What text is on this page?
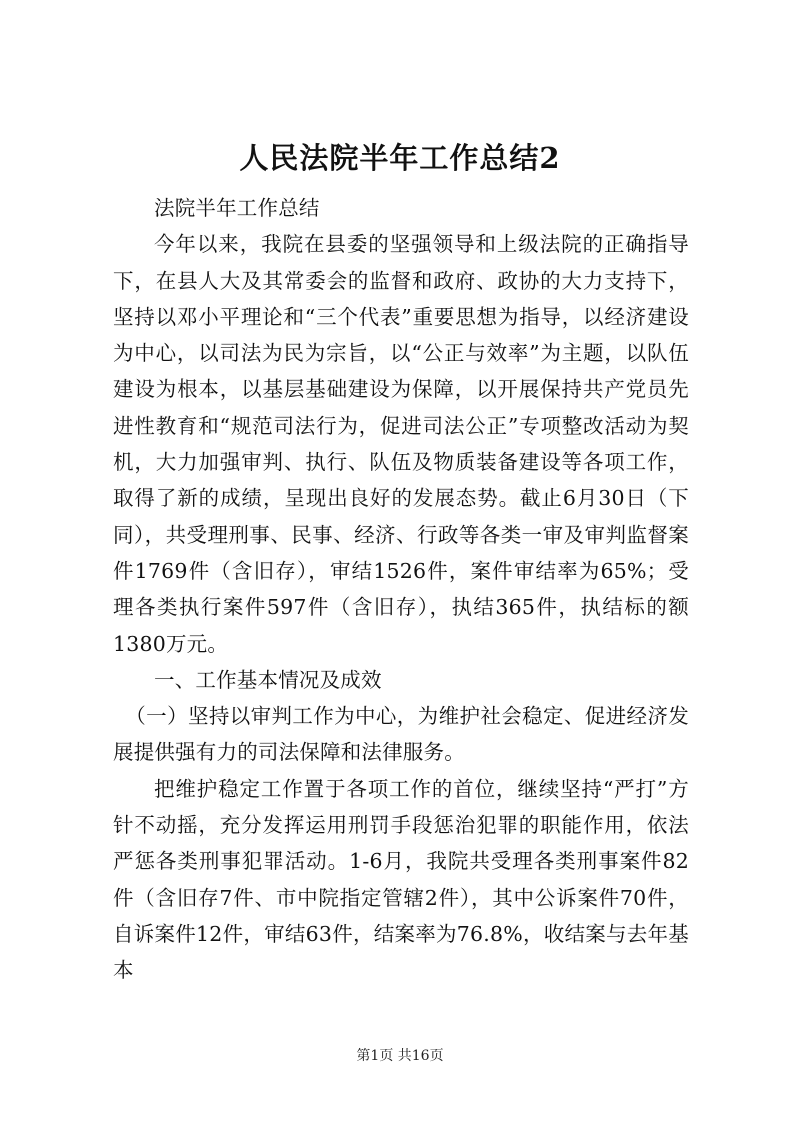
人民法院半年工作总结2

法院半年工作总结

今年以来，我院在县委的坚强领导和上级法院的正确指导下，在县人大及其常委会的监督和政府、政协的大力支持下，坚持以邓小平理论和“三个代表”重要思想为指导，以经济建设为中心，以司法为民为宗旨，以“公正与效率”为主题，以队伍建设为根本，以基层基础建设为保障，以开展保持共产党员先进性教育和“规范司法行为，促进司法公正”专项整改活动为契机，大力加强审判、执行、队伍及物质装备建设等各项工作，取得了新的成绩，呈现出良好的发展态势。截止6月30日（下同），共受理刑事、民事、经济、行政等各类一审及审判监督案件1769件（含旧存），审结1526件，案件审结率为65%；受理各类执行案件597件（含旧存），执结365件，执结标的额1380万元。

一、工作基本情况及成效

（一）坚持以审判工作为中心，为维护社会稳定、促进经济发展提供强有力的司法保障和法律服务。

把维护稳定工作置于各项工作的首位，继续坚持“严打”方针不动摇，充分发挥运用刑罚手段惩治犯罪的职能作用，依法严惩各类刑事犯罪活动。1-6月，我院共受理各类刑事案件82件（含旧存7件、市中院指定管辖2件），其中公诉案件70件，自诉案件12件，审结63件，结案率为76.8%，收结案与去年基本

第1页 共16页
